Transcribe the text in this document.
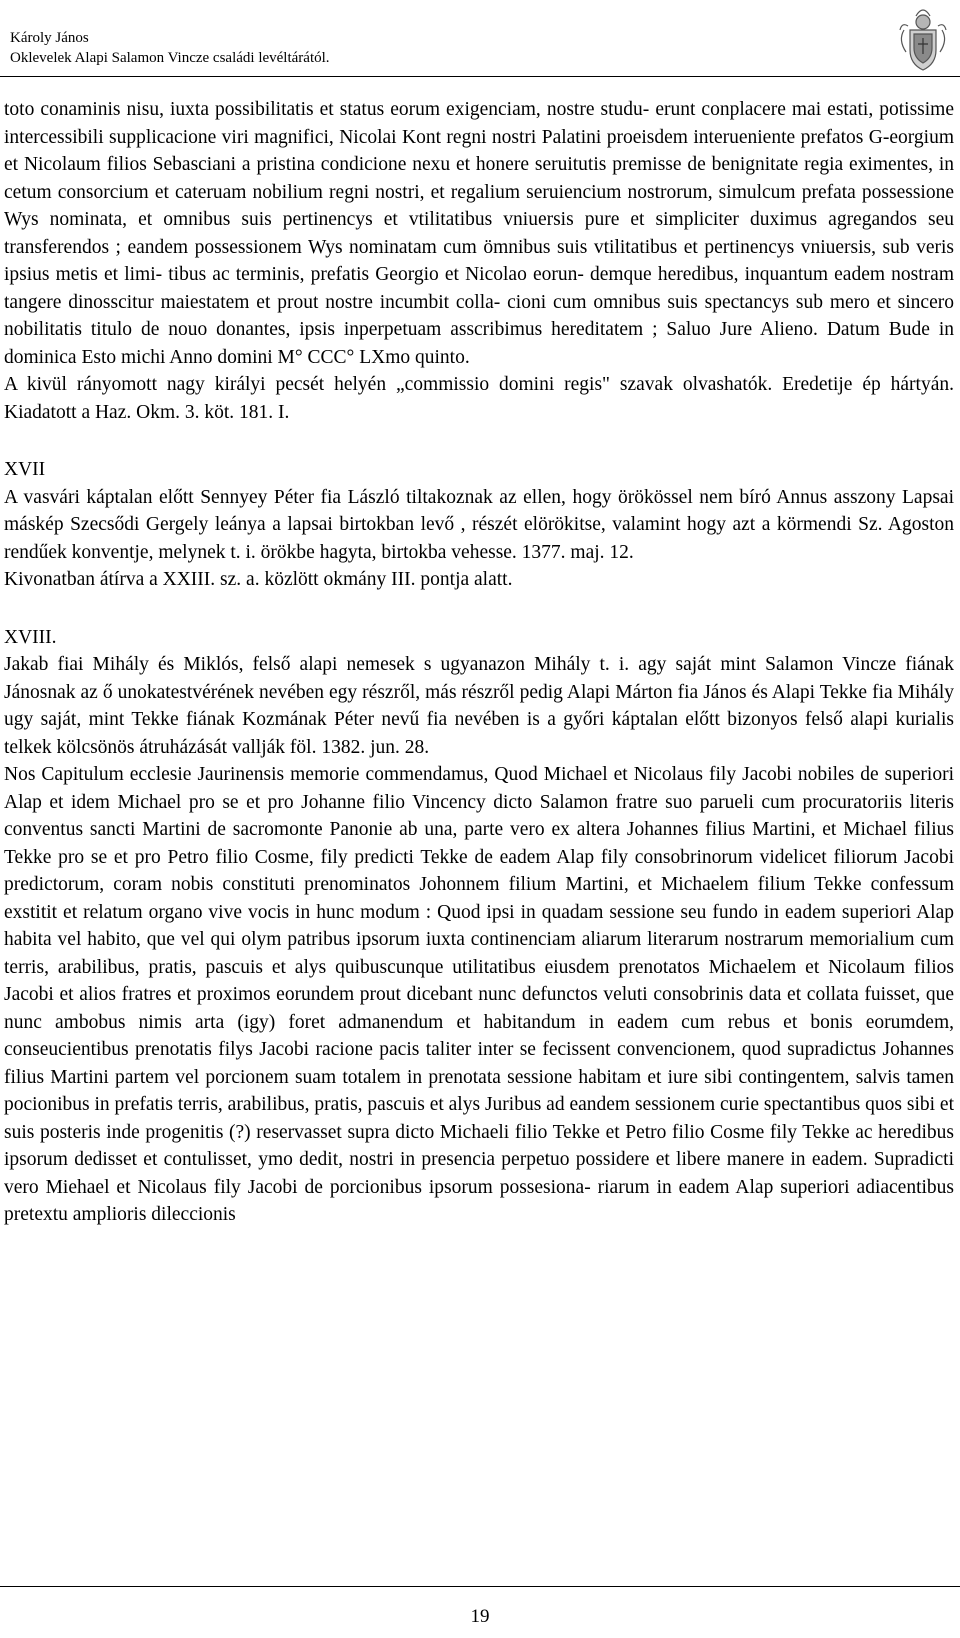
Károly János
Oklevelek Alapi Salamon Vincze családi levéltárától.

toto conaminis nisu, iuxta possibilitatis et status eorum exigenciam, nostre studu- erunt conplacere mai estati, potissime intercessibili supplicacione viri magnifici, Nicolai Kont regni nostri Palatini proeisdem interueniente prefatos G-eorgium et Nicolaum filios Sebasciani a pristina condicione nexu et honere seruitutis premisse de benignitate regia eximentes, in cetum consorcium et cateruam nobilium regni nostri, et regalium seruiencium nostrorum, simulcum prefata possessione Wys nominata, et omnibus suis pertinencys et vtilitatibus vniuersis pure et simpliciter duximus agregandos seu transferendos ; eandem possessionem Wys nominatam cum ömnibus suis vtilitatibus et pertinencys vniuersis, sub veris ipsius metis et limi- tibus ac terminis, prefatis Georgio et Nicolao eorun- demque heredibus, inquantum eadem nostram tangere dinosscitur maiestatem et prout nostre incumbit colla- cioni cum omnibus suis spectancys sub mero et sincero nobilitatis titulo de nouo donantes, ipsis inperpetuam asscribimus hereditatem ; Saluo Jure Alieno. Datum Bude in dominica Esto michi Anno domini M° CCC° LXmo quinto.

A kivül rányomott nagy királyi pecsét helyén „commissio domini regis" szavak olvashatók. Eredetije ép hártyán. Kiadatott a Haz. Okm. 3. köt. 181. I.

XVII

A vasvári káptalan előtt Sennyey Péter fia László tiltakoznak az ellen, hogy örökössel nem bíró Annus asszony Lapsai máskép​ Szecsődi Gergely leánya a lapsai birtokban levő , részét elörökitse, valamint hogy azt a körmendi Sz. Agoston rendűek konventje, melynek t. i. örökbe hagyta, birtokba vehesse. 1377. maj. 12.

Kivonatban átírva a XXIII. sz. a. közlött okmány III. pontja alatt.

XVIII.

Jakab fiai Mihály és Miklós, felső alapi nemesek s ugyanazon Mihály t. i. agy saját mint Salamon Vincze fiának Jánosnak az ő unokatestvérének nevében egy részről, más részről pedig Alapi Márton fia János és Alapi Tekke fia Mihály ugy saját, mint Tekke fiának Kozmának Péter nevű fia nevében is a győri káptalan előtt bizonyos felső alapi kurialis telkek kölcsönös átruházását vallják föl. 1382. jun. 28.

Nos Capitulum ecclesie Jaurinensis memorie commendamus, Quod Michael et Nicolaus fily Jacobi nobiles de superiori Alap et idem Michael pro se et pro Johanne filio Vincency dicto Salamon fratre suo parueli cum procuratoriis literis conventus sancti Martini de sacromonte Panonie ab una, parte vero ex altera Johannes filius Martini, et Michael filius Tekke pro se et pro Petro filio Cosme, fily predicti Tekke de eadem Alap fily consobrinorum videlicet filiorum Jacobi predictorum, coram nobis constituti prenominatos Johonnem filium Martini, et Michaelem filium Tekke confessum exstitit et relatum organo vive vocis in hunc modum : Quod ipsi in quadam sessione seu fundo in eadem superiori Alap habita vel habito, que vel qui olym patribus ipsorum iuxta continenciam aliarum literarum nostrarum memorialium cum terris, arabilibus, pratis, pascuis et alys quibuscunque utilitatibus eiusdem prenotatos Michaelem et Nicolaum filios Jacobi et alios fratres et proximos eorundem prout dicebant nunc defunctos veluti consobrinis data et collata fuisset, que nunc ambobus nimis arta (igy) foret admanendum et habitandum in eadem cum rebus et bonis eorumdem, conseucientibus prenotatis filys Jacobi racione pacis taliter inter se fecissent convencionem, quod supradictus Johannes filius Martini partem vel porcionem suam totalem in prenotata sessione habitam et iure sibi contingentem, salvis tamen pocionibus in prefatis terris, arabilibus, pratis, pascuis et alys Juribus ad eandem sessionem curie spectantibus quos sibi et suis posteris inde progenitis (?) reservasset supra dicto Michaeli filio Tekke et Petro filio Cosme fily Tekke ac heredibus ipsorum dedisset et contulisset, ymo dedit, nostri in presencia perpetuo possidere et libere manere in eadem. Supradicti vero Miehael et Nicolaus fily Jacobi de porcionibus ipsorum possesiona- riarum in eadem Alap superiori adiacentibus pretextu amplioris dileccionis

19
